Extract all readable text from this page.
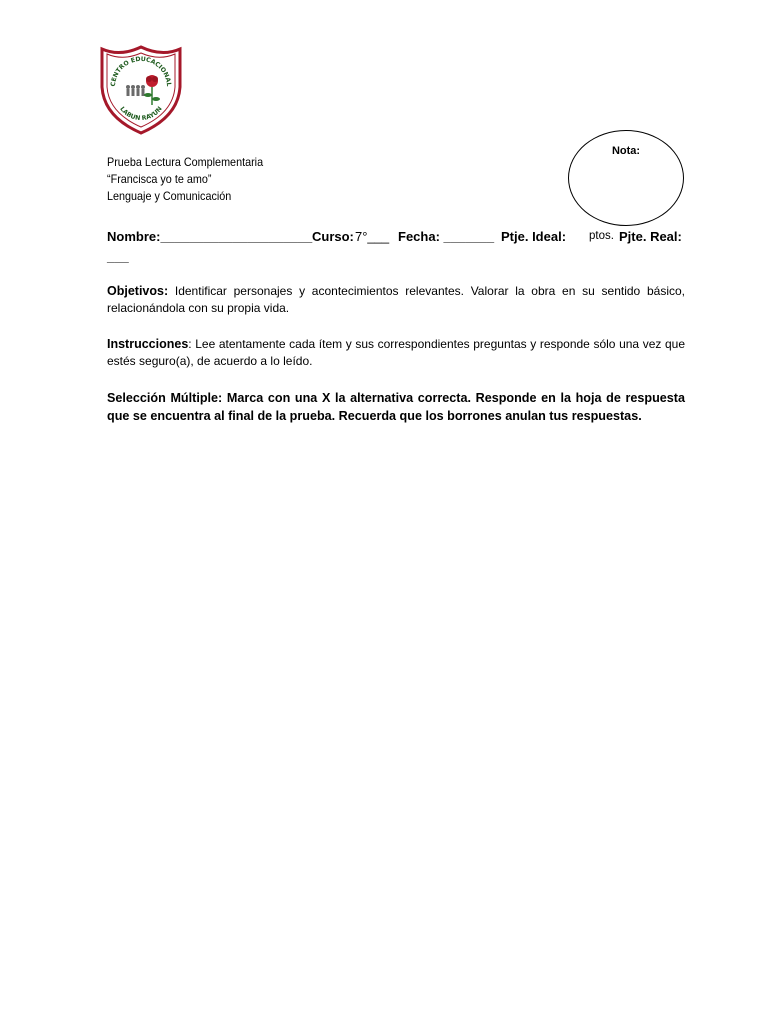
CENTRO EDUCACIONAL
LABUN RAYUN
Nota:
Prueba Lectura Complementaria
“Francisca yo te amo”
Lenguaje y Comunicación
Nombre:_____________________ Curso: 7°___ Fecha: _______ Ptje. Ideal: ptos. Pjte. Real:
___
Objetivos: Identificar personajes y acontecimientos relevantes. Valorar la obra en su sentido básico, relacionándola con su propia vida.
Instrucciones: Lee atentamente cada ítem y sus correspondientes preguntas y responde sólo una vez que estés seguro(a), de acuerdo a lo leído.
Selección Múltiple: Marca con una X la alternativa correcta. Responde en la hoja de respuesta que se encuentra al final de la prueba. Recuerda que los borrones anulan tus respuestas.
